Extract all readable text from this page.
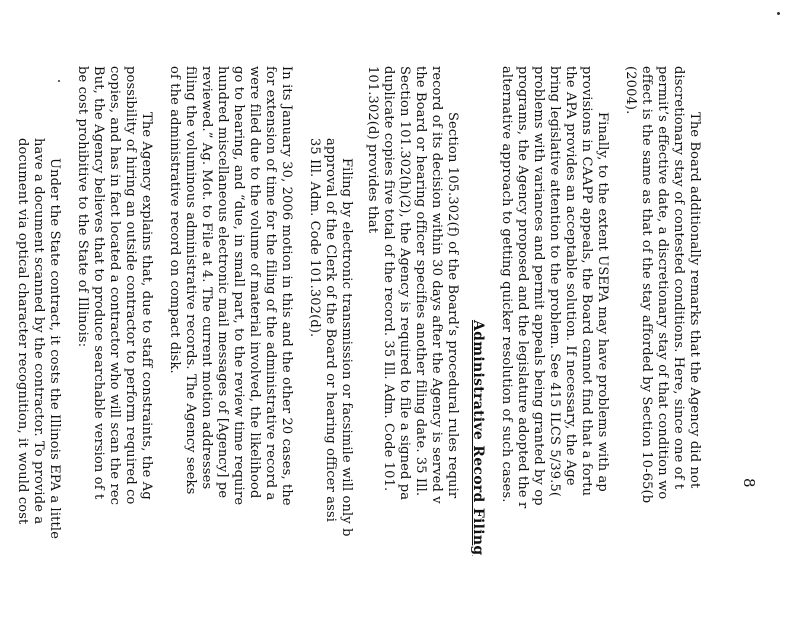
8
The Board additionally remarks that the Agency did not
discretionary stay of contested conditions. Here, since one of t
permit’s effective date, a discretionary stay of that condition wo
effect is the same as that of the stay afforded by Section 10-65(b
(2004).
Finally, to the extent USEPA may have problems with ap
provisions in CAAPP appeals, the Board cannot find that a fortu
the APA provides an acceptable solution. If necessary, the Age
bring legislative attention to the problem. See 415 ILCS 5/39.5(
problems with variances and permit appeals being granted by op
programs, the Agency proposed and the legislature adopted the r
alternative approach to getting quicker resolution of such cases.
Administrative Record Filing
Section 105.302(f) of the Board’s procedural rules requir
record of its decision within 30 days after the Agency is served v
the Board or hearing officer specifies another filing date. 35 Ill.
Section 101.302(h)(2), the Agency is required to file a signed pa
duplicate copies five total of the record. 35 Ill. Adm. Code 101.
101.302(d) provides that
Filing by electronic transmission or facsimile will only b
approval of the Clerk of the Board or hearing officer assi
35 Ill. Adm. Code 101.302(d).
In its January 30, 2006 motion in this and the other 20 cases, the
for extension of time for the filing of the administrative record a
were filed due to the volume of material involved, the likelihood
go to hearing, and “due, in small part, to the review time require
hundred miscellaneous electronic mail messages of [Agency] pe
reviewed.” Ag. Mot. to File at 4. The current motion addresses
filing the voluminous administrative records. The Agency seeks
of the administrative record on compact disk.
The Agency explains that, due to staff constraints, the Ag
possibility of hiring an outside contractor to perform required co
copies, and has in fact located a contractor who will scan the rec
But, the Agency believes that to produce searchable version of t
be cost prohibitive to the State of Illinois:
Under the State contract, it costs the Illinois EPA a little
have a document scanned by the contractor. To provide a
document via optical character recognition, it would cost
